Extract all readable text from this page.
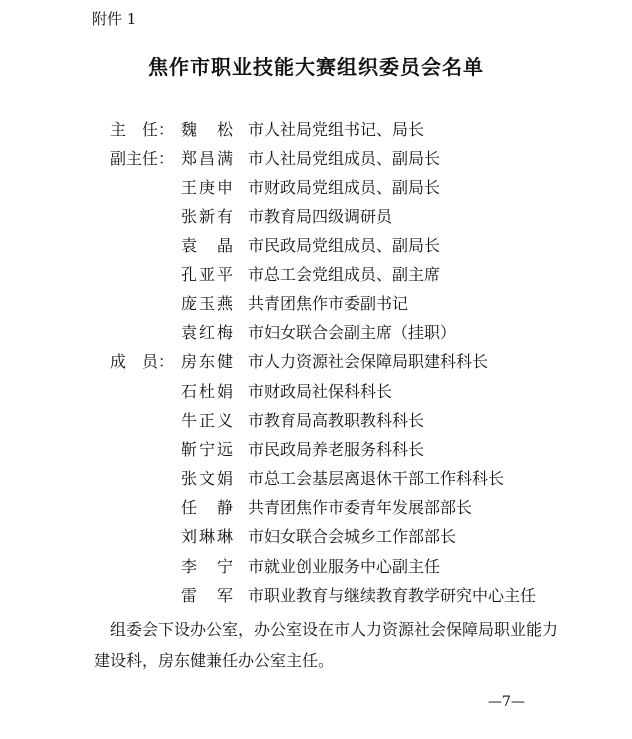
附件 1
焦作市职业技能大赛组织委员会名单
主　任： 魏　松 市人社局党组书记、局长
副主任： 郑昌满 市人社局党组成员、副局长
王庚申 市财政局党组成员、副局长
张新有 市教育局四级调研员
袁　晶 市民政局党组成员、副局长
孔亚平 市总工会党组成员、副主席
庞玉燕 共青团焦作市委副书记
袁红梅 市妇女联合会副主席（挂职）
成　员： 房东健 市人力资源社会保障局职建科科长
石杜娟 市财政局社保科科长
牛正义 市教育局高教职教科科长
靳宁远 市民政局养老服务科科长
张文娟 市总工会基层离退休干部工作科科长
任　静 共青团焦作市委青年发展部部长
刘琳琳 市妇女联合会城乡工作部部长
李　宁 市就业创业服务中心副主任
雷　军 市职业教育与继续教育教学研究中心主任
组委会下设办公室，办公室设在市人力资源社会保障局职业能力建设科，房东健兼任办公室主任。
—7—
